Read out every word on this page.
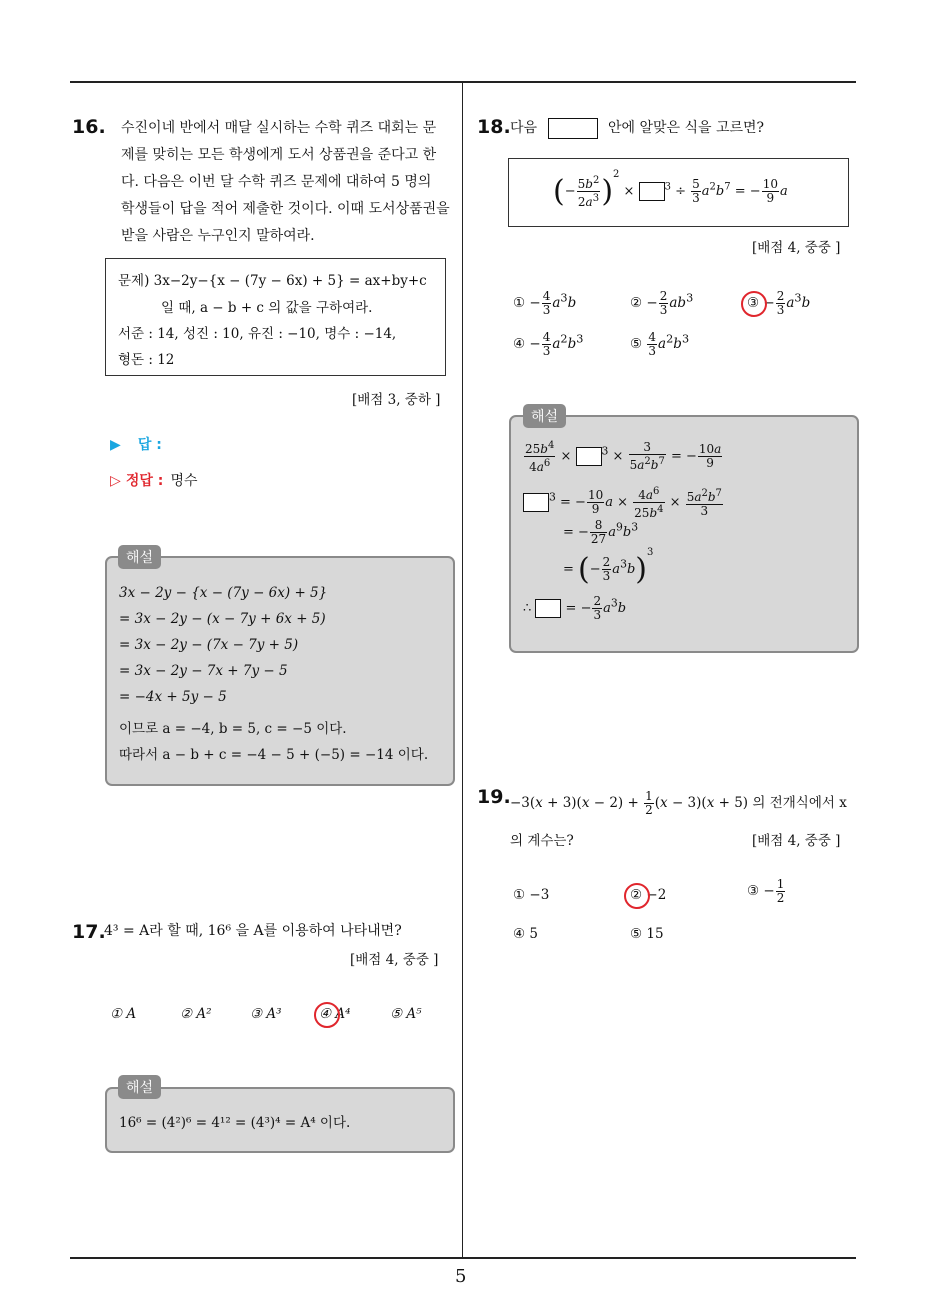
5
16. 수진이네 반에서 매달 실시하는 수학 퀴즈 대회는 문
제를 맞히는 모든 학생에게 도서 상품권을 준다고 한
다. 다음은 이번 달 수학 퀴즈 문제에 대하여 5 명의
학생들이 답을 적어 제출한 것이다. 이때 도서상품권을
받을 사람은 누구인지 말하여라.
문제) 3x−2y−{x − (7y − 6x) + 5} = ax+by+c
일 때, a − b + c 의 값을 구하여라.
서준 : 14, 성진 : 10, 유진 : −10, 명수 : −14,
형돈 : 12
[배점 3, 중하 ]
▶ 답 :
▷ 정답 : 명수
3x − 2y − {x − (7y − 6x) + 5}
= 3x − 2y − (x − 7y + 6x + 5)
= 3x − 2y − (7x − 7y + 5)
= 3x − 2y − 7x + 7y − 5
= −4x + 5y − 5
이므로 a = −4, b = 5, c = −5 이다.
따라서 a − b + c = −4 − 5 + (−5) = −14 이다.
해설
17.
4³ = A라 할 때, 16⁶ 을 A를 이용하여 나타내면?
[배점 4, 중중 ]
① A	② A²	③ A³	④ A⁴	⑤ A⁵
16⁶ = (4²)⁶ = 4¹² = (4³)⁴ = A⁴ 이다.
해설
18. 다음	안에 알맞은 식을 고르면?
(− $\frac{5b^2}{2a^3} )^2$ ×	$^3 \div \frac{5}{3} a^2b^7$ = − $\frac{10}{9}$ a
[배점 4, 중중 ]
① − $\frac{4}{3} a^3b$	② − $\frac{2}{3} ab^3$	③ − $\frac{2}{3} a^3b$
④ − $\frac{4}{3} a^2b^3$	⑤ $\frac{4}{3} a^2b^3$
$\frac{25b^4}{4a^6} \times ^3 \times \frac{3}{5a^2b^7}$ = − $\frac{10a}{9}$
$^3$ = − $\frac{10}{9}$ $a \times \frac{4a^6}{25b^4} \times \frac{5a^2b^7}{3}$
= − $\frac{8}{27} a^9b^3$
= (− $\frac{2}{3} a^3b)^3$
∴  = − $\frac{2}{3} a^3b$
해설
19. $-3(x + 3)(x - 2) + \frac{1}{2} (x - 3)(x + 5)$ 의 전개식에서 x
의 계수는?	[배점 4, 중중 ]
① −3	② −2	③ − $\frac{1}{2}$
④ 5	⑤ 15
